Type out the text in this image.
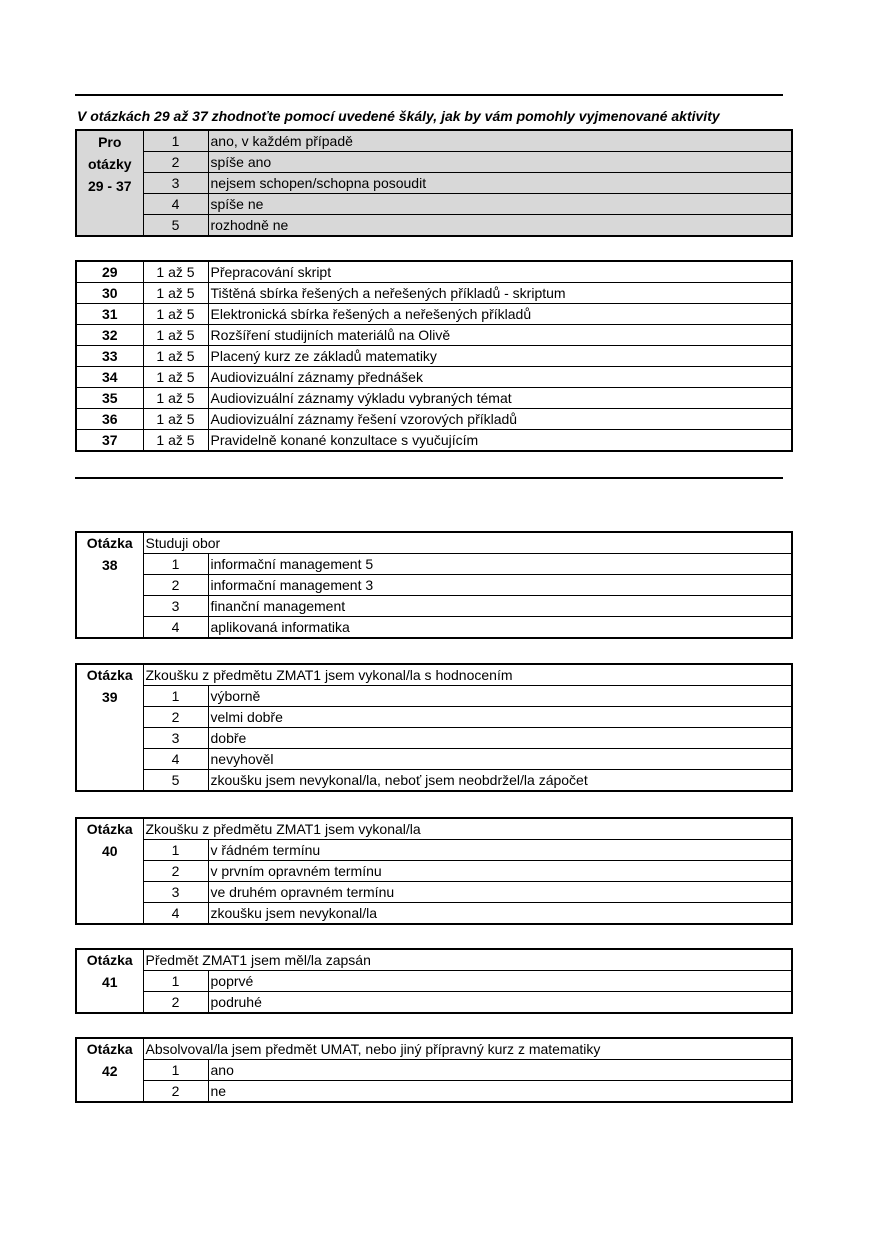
V otázkách 29 až 37 zhodnoťte pomocí uvedené škály, jak by vám pomohly vyjmenované aktivity
Pro
otázky
29 - 37	1	ano, v každém případě
	2	spíše ano
	3	nejsem schopen/schopna posoudit
	4	spíše ne
	5	rozhodně ne
29	1 až 5	Přepracování skript
30	1 až 5	Tištěná sbírka řešených a neřešených příkladů - skriptum
31	1 až 5	Elektronická sbírka řešených a neřešených příkladů
32	1 až 5	Rozšíření studijních materiálů na Olivě
33	1 až 5	Placený kurz ze základů matematiky
34	1 až 5	Audiovizuální záznamy přednášek
35	1 až 5	Audiovizuální záznamy výkladu vybraných témat
36	1 až 5	Audiovizuální záznamy řešení vzorových příkladů
37	1 až 5	Pravidelně konané konzultace s vyučujícím
Otázka
38	Studuji obor	
	1	informační management 5
	2	informační management 3
	3	finanční management
	4	aplikovaná informatika
Otázka
39	Zkoušku z předmětu ZMAT1 jsem vykonal/la s hodnocením	
	1	výborně
	2	velmi dobře
	3	dobře
	4	nevyhověl
	5	zkoušku jsem nevykonal/la, neboť jsem neobdržel/la zápočet
Otázka
40	Zkoušku z předmětu ZMAT1 jsem vykonal/la	
	1	v řádném termínu
	2	v prvním opravném termínu
	3	ve druhém opravném termínu
	4	zkoušku jsem nevykonal/la
Otázka
41	Předmět ZMAT1 jsem měl/la zapsán	
	1	poprvé
	2	podruhé
Otázka
42	Absolvoval/la jsem předmět UMAT, nebo jiný přípravný kurz z matematiky	
	1	ano
	2	ne
